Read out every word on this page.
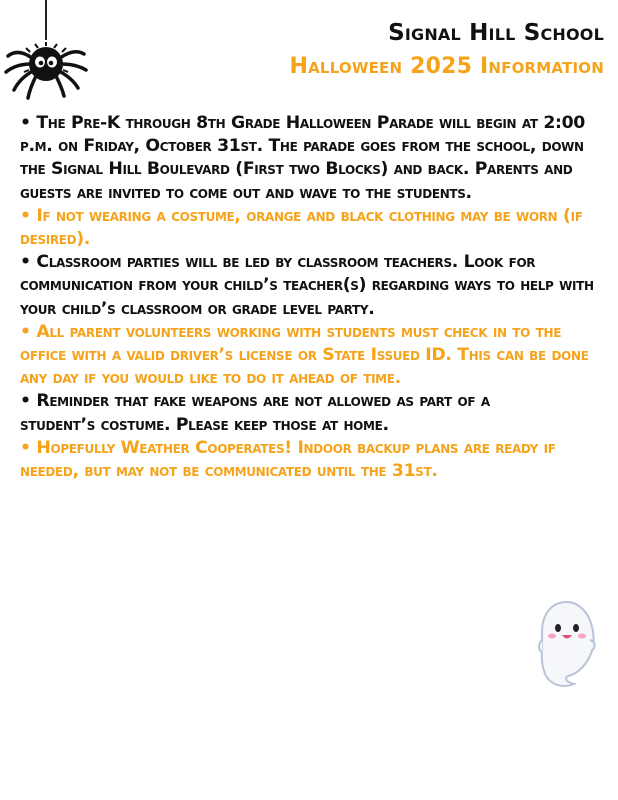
Signal Hill School
Halloween 2025 Information

• The Pre-K through 8th Grade Halloween Parade will begin at 2:00 p.m. on Friday, October 31st. The parade goes from the school, down the Signal Hill Boulevard (First two Blocks) and back. Parents and guests are invited to come out and wave to the students.

• If not wearing a costume, orange and black clothing may be worn (if desired).

• Classroom parties will be led by classroom teachers. Look for communication from your child’s teacher(s) regarding ways to help with your child’s classroom or grade level party.

• All parent volunteers working with students must check in to the office with a valid driver’s license or State Issued ID. This can be done any day if you would like to do it ahead of time.

• Reminder that fake weapons are not allowed as part of a student’s costume. Please keep those at home.

• Hopefully Weather Cooperates! Indoor backup plans are ready if needed, but may not be communicated until the 31st.
